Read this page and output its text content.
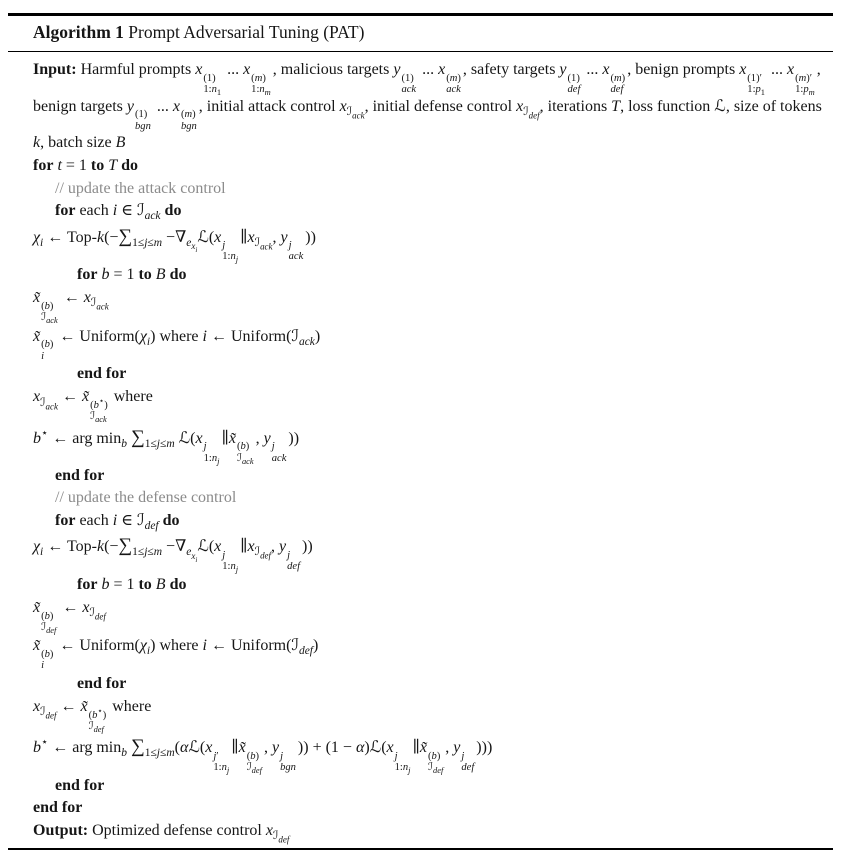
Algorithm 1 Prompt Adversarial Tuning (PAT)
Input: Harmful prompts x
(1)
$1:n_1$
... x
(m)
$1:n_m$
, malicious targets y
(1)
ack
... x
(m)
ack
, safety targets y
(1)
def
... x
(m)
def
, benign prompts x
(1)′
$1:p_1$
... x
(m)′
$1:p_m$
, benign targets y
(1)
bgn
... x
(m)
bgn
, initial attack control $x_{ℐ_{ack}}$, initial defense control $x_{ℐ_{def}}$, iterations T, loss function ℒ, size of tokens k, batch size B
for t = 1 to T do
// update the attack control
for each i ∈ ℐ$_{ack}$ do
$\chi_i$ ← Top-$k(-\sum_{1\le j\le m}$ $-\nabla_{e_{x_i}}ℒ(x$
j
$1:n_j$
$\parallel x_{ℐ_{ack}}$, y
j
ack
))
for b = 1 to B do
x̃
(b)
ℐ$_{ack}$
← $x_{ℐ_{ack}}$
x̃
(b)
i
← $Uniform(\chi_i)$ where i ← Uniform(ℐ$_{ack}$)
end for
$x_{ℐ_{ack}}$ ← x̃
(b⋆)
ℐ$_{ack}$
where
b⋆ ← arg $\min_b \sum_{1\le j\le m}$ ℒ(x
j
$1:n_j$
∥x̃
(b)
ℐ$_{ack}$
, y
j
ack
))
end for
// update the defense control
for each i ∈ ℐ$_{def}$ do
$\chi_i$ ← Top-$k(-\sum_{1\le j\le m}$ $-\nabla_{e_{x_i}}ℒ(x$
j
$1:n_j$
$\parallel x_{ℐ_{def}}$, y
j
def
))
for b = 1 to B do
x̃
(b)
ℐ$_{def}$
← $x_{ℐ_{def}}$
x̃
(b)
i
← $Uniform(\chi_i)$ where i ← Uniform(ℐ$_{def}$)
end for
$x_{ℐ_{def}}$ ← x̃
(b⋆)
ℐ$_{def}$
where
b⋆ ← arg $\min_b$ $\sum_{1\le j\le m}(\alpha ℒ(x$
j′
$1:n_j$
∥x̃
(b)
ℐ$_{def}$
, y
j
bgn
)) + (1 − α)ℒ(x
j
$1:n_j$
∥x̃
(b)
ℐ$_{def}$
, y
j
def
)))
end for
end for
Output: Optimized defense control $x_{ℐ_{def}}$
